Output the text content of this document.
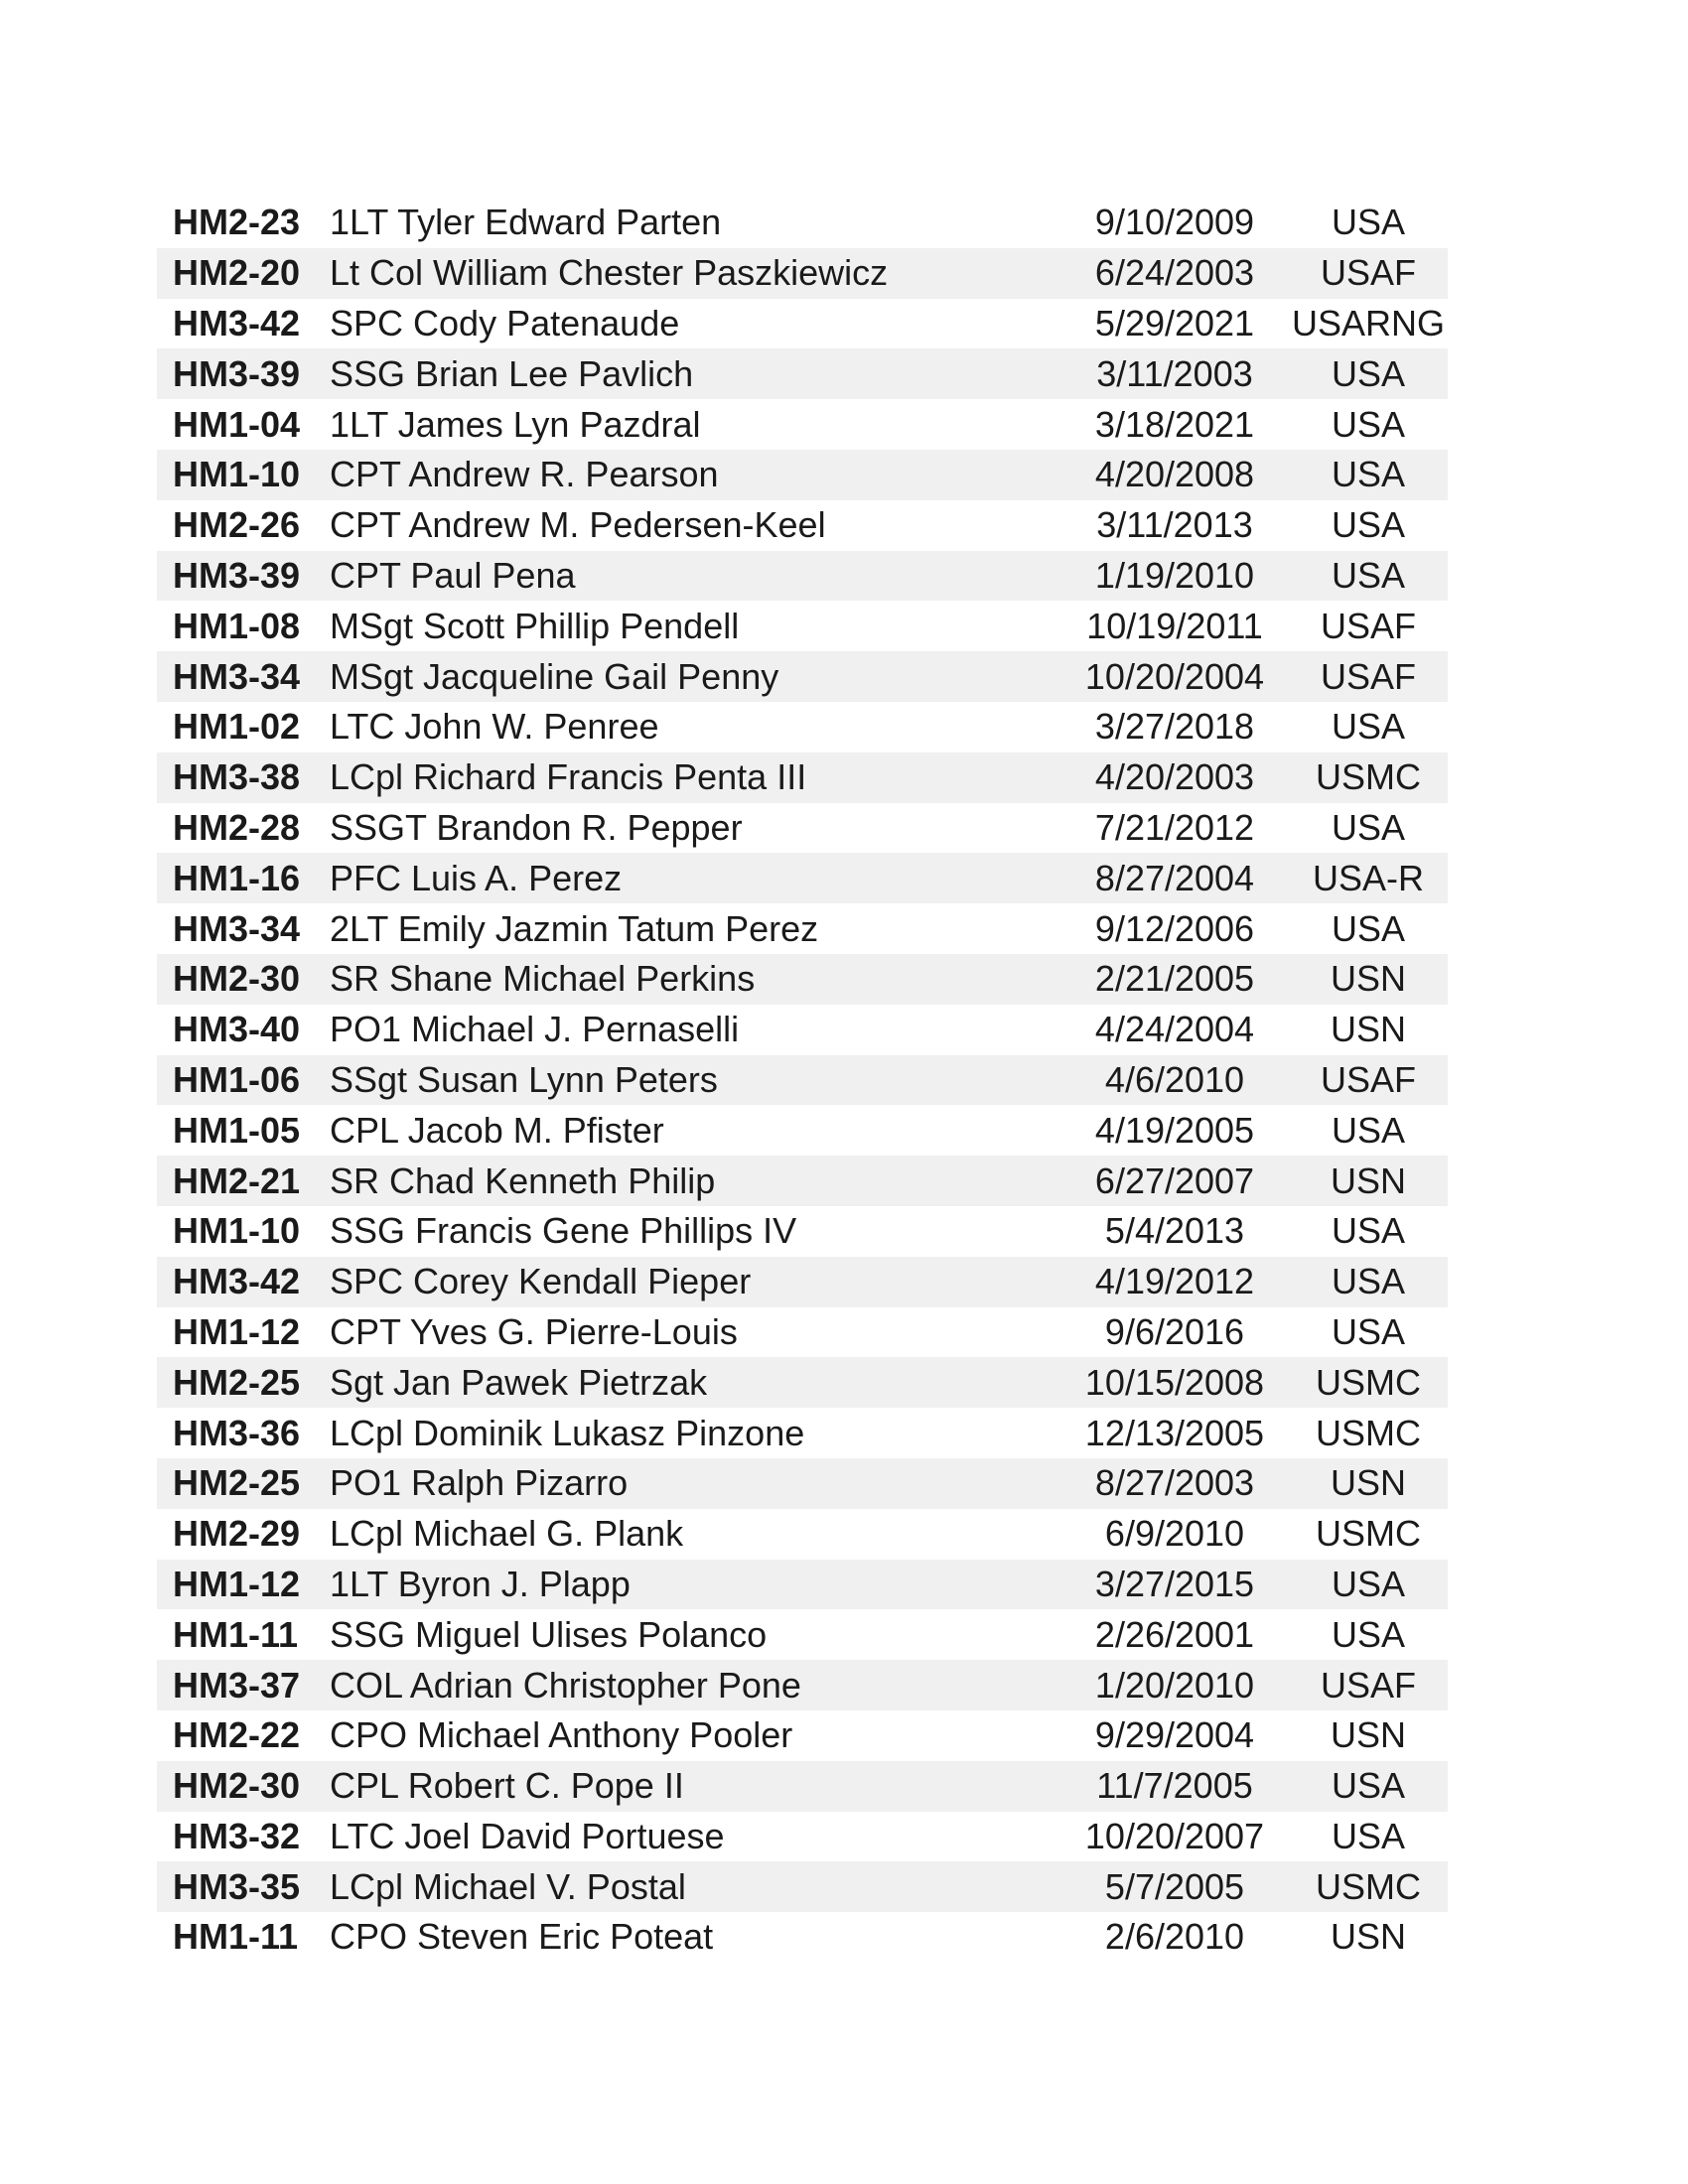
HM2-23 1LT Tyler Edward Parten	9/10/2009	USA
HM2-20 Lt Col William Chester Paszkiewicz	6/24/2003	USAF
HM3-42 SPC Cody Patenaude	5/29/2021	USARNG
HM3-39 SSG Brian Lee Pavlich	3/11/2003	USA
HM1-04 1LT James Lyn Pazdral	3/18/2021	USA
HM1-10 CPT Andrew R. Pearson	4/20/2008	USA
HM2-26 CPT Andrew M. Pedersen-Keel	3/11/2013	USA
HM3-39 CPT Paul Pena	1/19/2010	USA
HM1-08 MSgt Scott Phillip Pendell	10/19/2011	USAF
HM3-34 MSgt Jacqueline Gail Penny	10/20/2004	USAF
HM1-02 LTC John W. Penree	3/27/2018	USA
HM3-38 LCpl Richard Francis Penta III	4/20/2003	USMC
HM2-28 SSGT Brandon R. Pepper	7/21/2012	USA
HM1-16 PFC Luis A. Perez	8/27/2004	USA-R
HM3-34 2LT Emily Jazmin Tatum Perez	9/12/2006	USA
HM2-30 SR Shane Michael Perkins	2/21/2005	USN
HM3-40 PO1 Michael J. Pernaselli	4/24/2004	USN
HM1-06 SSgt Susan Lynn Peters	4/6/2010	USAF
HM1-05 CPL Jacob M. Pfister	4/19/2005	USA
HM2-21 SR Chad Kenneth Philip	6/27/2007	USN
HM1-10 SSG Francis Gene Phillips IV	5/4/2013	USA
HM3-42 SPC Corey Kendall Pieper	4/19/2012	USA
HM1-12 CPT Yves G. Pierre-Louis	9/6/2016	USA
HM2-25 Sgt Jan Pawek Pietrzak	10/15/2008	USMC
HM3-36 LCpl Dominik Lukasz Pinzone	12/13/2005	USMC
HM2-25 PO1 Ralph Pizarro	8/27/2003	USN
HM2-29 LCpl Michael G. Plank	6/9/2010	USMC
HM1-12 1LT Byron J. Plapp	3/27/2015	USA
HM1-11 SSG Miguel Ulises Polanco	2/26/2001	USA
HM3-37 COL Adrian Christopher Pone	1/20/2010	USAF
HM2-22 CPO Michael Anthony Pooler	9/29/2004	USN
HM2-30 CPL Robert C. Pope II	11/7/2005	USA
HM3-32 LTC Joel David Portuese	10/20/2007	USA
HM3-35 LCpl Michael V. Postal	5/7/2005	USMC
HM1-11 CPO Steven Eric Poteat	2/6/2010	USN
